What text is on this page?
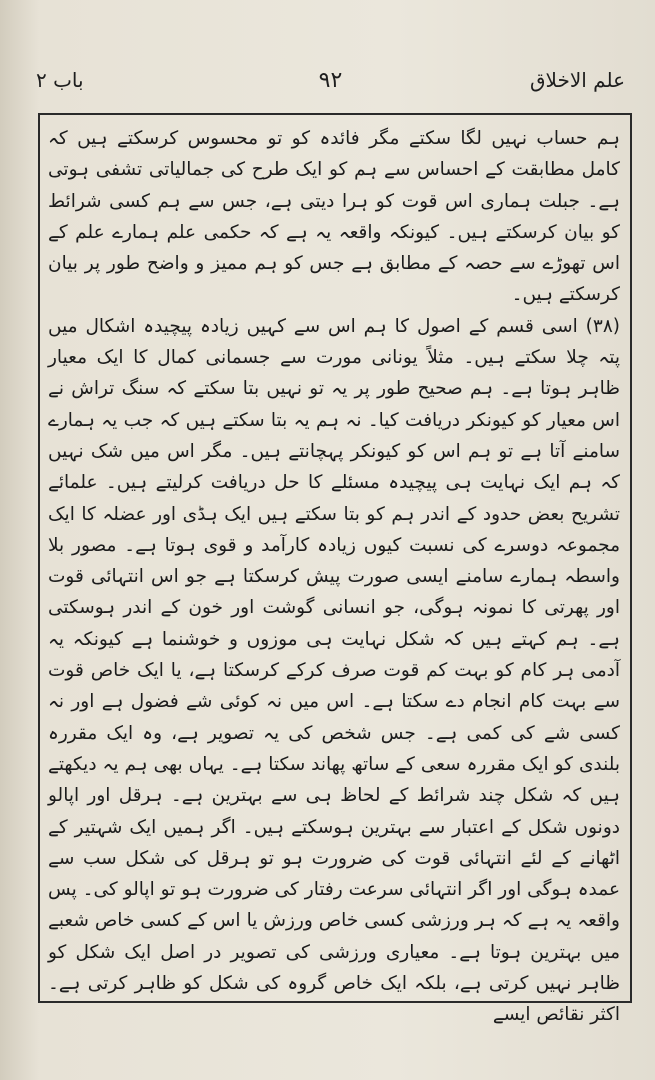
علم الاخلاق
۹۲
باب ۲

ہم حساب نہیں لگا سکتے مگر فائدہ کو تو محسوس کرسکتے ہیں کہ کامل مطابقت کے احساس سے ہم کو ایک طرح کی جمالیاتی تشفی ہوتی ہے۔ جبلت ہماری اس قوت کو ہرا دیتی ہے، جس سے ہم کسی شرائط کو بیان کرسکتے ہیں۔ کیونکہ واقعہ یہ ہے کہ حکمی علم ہمارے علم کے اس تھوڑے سے حصہ کے مطابق ہے جس کو ہم ممیز و واضح طور پر بیان کرسکتے ہیں۔

(۳۸) اسی قسم کے اصول کا ہم اس سے کہیں زیادہ پیچیدہ اشکال میں پتہ چلا سکتے ہیں۔ مثلاً یونانی مورت سے جسمانی کمال کا ایک معیار ظاہر ہوتا ہے۔ ہم صحیح طور پر یہ تو نہیں بتا سکتے کہ سنگ تراش نے اس معیار کو کیونکر دریافت کیا۔ نہ ہم یہ بتا سکتے ہیں کہ جب یہ ہمارے سامنے آتا ہے تو ہم اس کو کیونکر پہچانتے ہیں۔ مگر اس میں شک نہیں کہ ہم ایک نہایت ہی پیچیدہ مسئلے کا حل دریافت کرلیتے ہیں۔ علمائے تشریح بعض حدود کے اندر ہم کو بتا سکتے ہیں ایک ہڈی اور عضلہ کا ایک مجموعہ دوسرے کی نسبت کیوں زیادہ کارآمد و قوی ہوتا ہے۔ مصور بلا واسطہ ہمارے سامنے ایسی صورت پیش کرسکتا ہے جو اس انتہائی قوت اور پھرتی کا نمونہ ہوگی، جو انسانی گوشت اور خون کے اندر ہوسکتی ہے۔ ہم کہتے ہیں کہ شکل نہایت ہی موزوں و خوشنما ہے کیونکہ یہ آدمی ہر کام کو بہت کم قوت صرف کرکے کرسکتا ہے، یا ایک خاص قوت سے بہت کام انجام دے سکتا ہے۔ اس میں نہ کوئی شے فضول ہے اور نہ کسی شے کی کمی ہے۔ جس شخص کی یہ تصویر ہے، وہ ایک مقررہ بلندی کو ایک مقررہ سعی کے ساتھ پھاند سکتا ہے۔ یہاں بھی ہم یہ دیکھتے ہیں کہ شکل چند شرائط کے لحاظ ہی سے بہترین ہے۔ ہرقل اور اپالو دونوں شکل کے اعتبار سے بہترین ہوسکتے ہیں۔ اگر ہمیں ایک شہتیر کے اٹھانے کے لئے انتہائی قوت کی ضرورت ہو تو ہرقل کی شکل سب سے عمدہ ہوگی اور اگر انتہائی سرعت رفتار کی ضرورت ہو تو اپالو کی۔ پس واقعہ یہ ہے کہ ہر ورزشی کسی خاص ورزش یا اس کے کسی خاص شعبے میں بہترین ہوتا ہے۔ معیاری ورزشی کی تصویر در اصل ایک شکل کو ظاہر نہیں کرتی ہے، بلکہ ایک خاص گروہ کی شکل کو ظاہر کرتی ہے۔ اکثر نقائص ایسے
